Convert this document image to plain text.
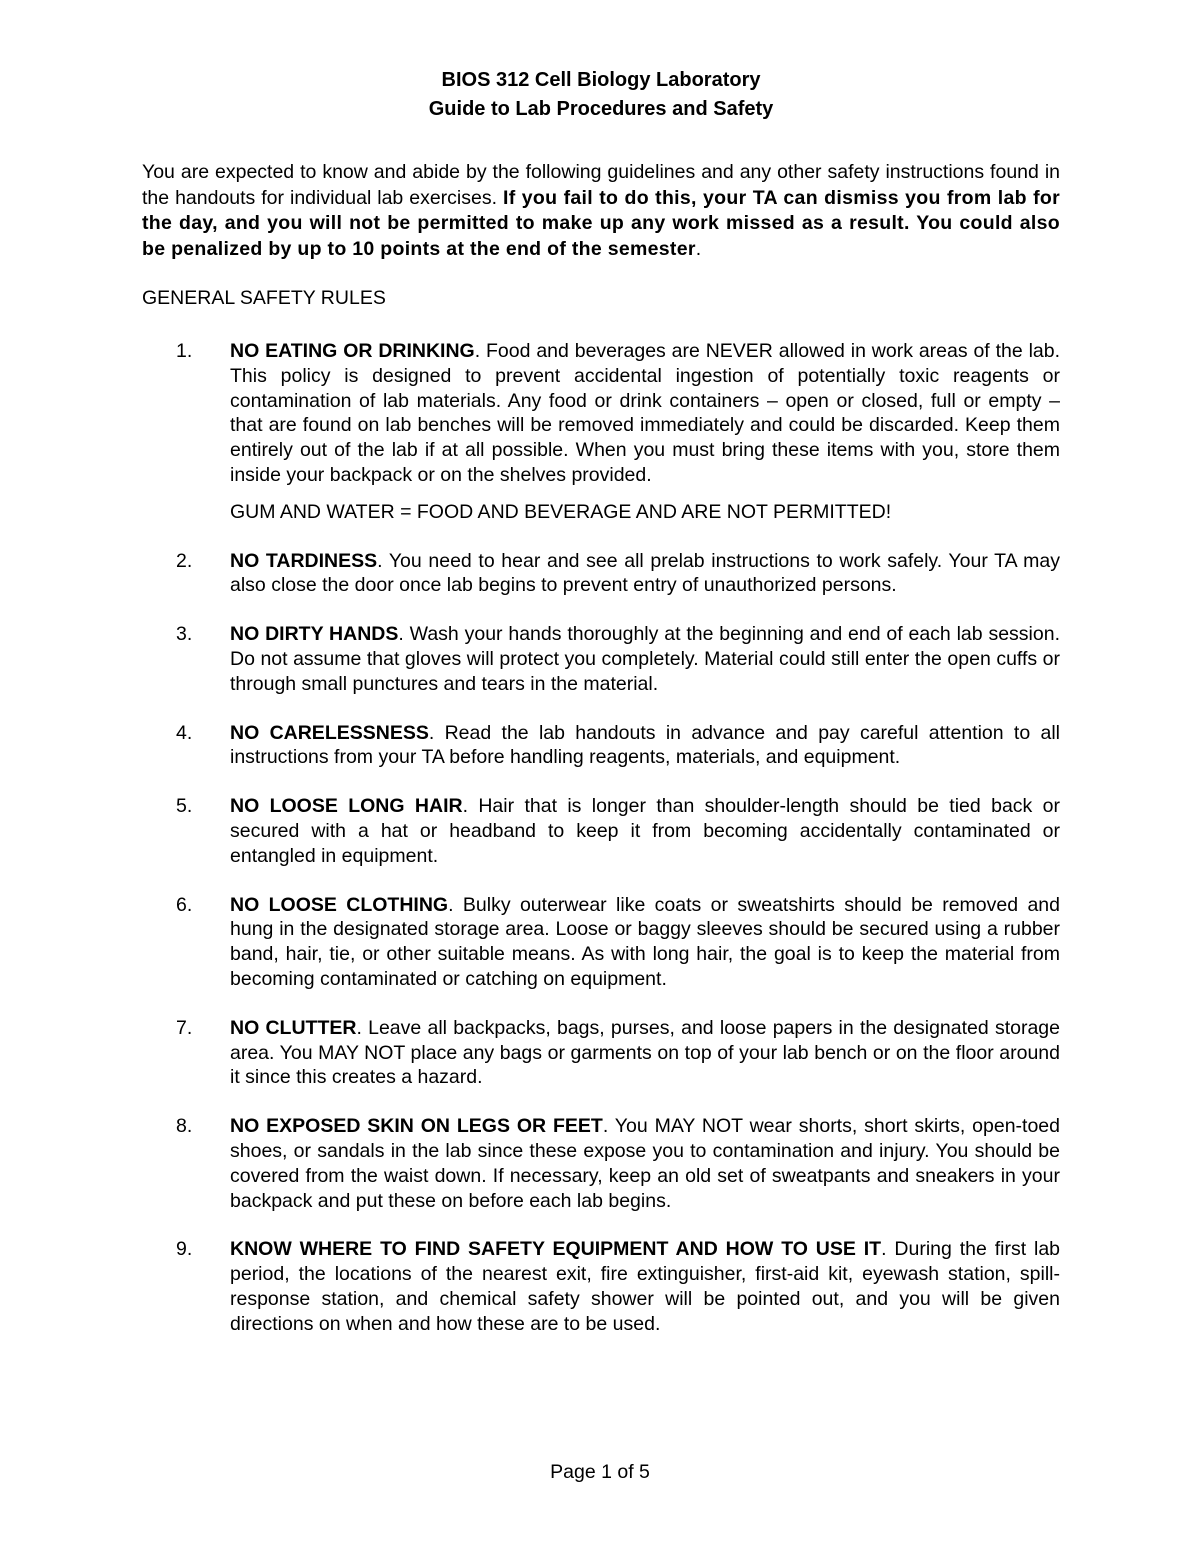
BIOS 312 Cell Biology Laboratory
Guide to Lab Procedures and Safety

You are expected to know and abide by the following guidelines and any other safety instructions found in the handouts for individual lab exercises. If you fail to do this, your TA can dismiss you from lab for the day, and you will not be permitted to make up any work missed as a result. You could also be penalized by up to 10 points at the end of the semester.

GENERAL SAFETY RULES

1. NO EATING OR DRINKING. Food and beverages are NEVER allowed in work areas of the lab. This policy is designed to prevent accidental ingestion of potentially toxic reagents or contamination of lab materials. Any food or drink containers – open or closed, full or empty – that are found on lab benches will be removed immediately and could be discarded. Keep them entirely out of the lab if at all possible. When you must bring these items with you, store them inside your backpack or on the shelves provided.
GUM AND WATER = FOOD AND BEVERAGE AND ARE NOT PERMITTED!
2. NO TARDINESS. You need to hear and see all prelab instructions to work safely. Your TA may also close the door once lab begins to prevent entry of unauthorized persons.
3. NO DIRTY HANDS. Wash your hands thoroughly at the beginning and end of each lab session. Do not assume that gloves will protect you completely. Material could still enter the open cuffs or through small punctures and tears in the material.
4. NO CARELESSNESS. Read the lab handouts in advance and pay careful attention to all instructions from your TA before handling reagents, materials, and equipment.
5. NO LOOSE LONG HAIR. Hair that is longer than shoulder-length should be tied back or secured with a hat or headband to keep it from becoming accidentally contaminated or entangled in equipment.
6. NO LOOSE CLOTHING. Bulky outerwear like coats or sweatshirts should be removed and hung in the designated storage area. Loose or baggy sleeves should be secured using a rubber band, hair, tie, or other suitable means. As with long hair, the goal is to keep the material from becoming contaminated or catching on equipment.
7. NO CLUTTER. Leave all backpacks, bags, purses, and loose papers in the designated storage area. You MAY NOT place any bags or garments on top of your lab bench or on the floor around it since this creates a hazard.
8. NO EXPOSED SKIN ON LEGS OR FEET. You MAY NOT wear shorts, short skirts, open-toed shoes, or sandals in the lab since these expose you to contamination and injury. You should be covered from the waist down. If necessary, keep an old set of sweatpants and sneakers in your backpack and put these on before each lab begins.
9. KNOW WHERE TO FIND SAFETY EQUIPMENT AND HOW TO USE IT. During the first lab period, the locations of the nearest exit, fire extinguisher, first-aid kit, eyewash station, spill-response station, and chemical safety shower will be pointed out, and you will be given directions on when and how these are to be used.
Page 1 of 5
